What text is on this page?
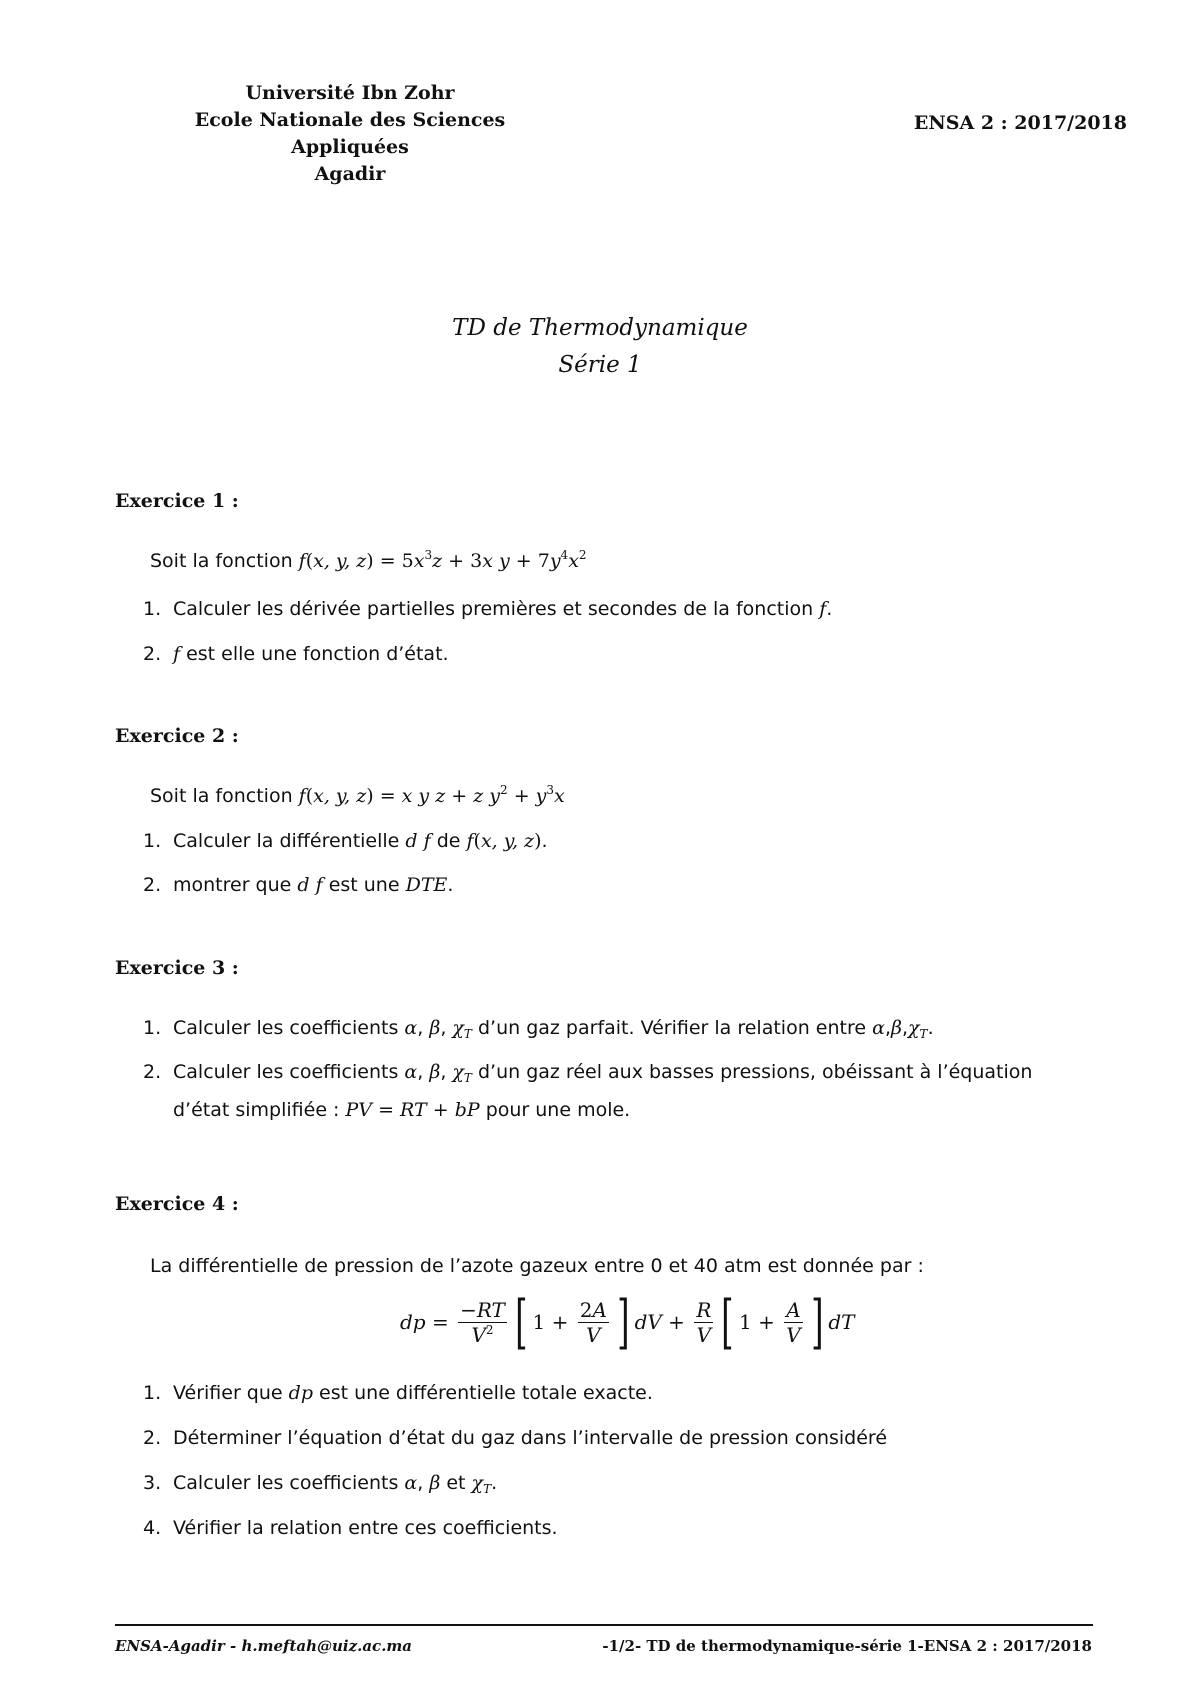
Université Ibn Zohr
Ecole Nationale des Sciences Appliquées
Agadir
ENSA 2 : 2017/2018
TD de Thermodynamique
Série 1
Exercice 1 :
Soit la fonction f(x, y, $z) = 5x^3z + 3x$ $y + 7y^4x^2$
1. Calculer les dérivée partielles premières et secondes de la fonction f.
2. f est elle une fonction d’état.
Exercice 2 :
Soit la fonction f(x, y, z) = x y z + z $y^2 + y^3x$
1. Calculer la différentielle d f de f(x, y, z).
2. montrer que d f est une DTE.
Exercice 3 :
1. Calculer les coefficients α, β, $\chi_T$ d’un gaz parfait. Vérifier la relation entre $\alpha,\beta,\chi_T$.
2. Calculer les coefficients α, β, $\chi_T$ d’un gaz réel aux basses pressions, obéissant à l’équation
d’état simplifiée : PV = RT + bP pour une mole.
Exercice 4 :
La différentielle de pression de l’azote gazeux entre 0 et 40 atm est donnée par :
dp = $\frac{-RT}{V^2}$ [ $1 + \frac{2A}{V}$ ] dV + $\frac{R}{V}$ [ $1 + \frac{A}{V}$ ] dT
1. Vérifier que dp est une différentielle totale exacte.
2. Déterminer l’équation d’état du gaz dans l’intervalle de pression considéré
3. Calculer les coefficients α, β et $\chi_T$.
4. Vérifier la relation entre ces coefficients.
ENSA-Agadir - h.meftah@uiz.ac.ma	-1/2- TD de thermodynamique-série 1-ENSA 2 : 2017/2018
